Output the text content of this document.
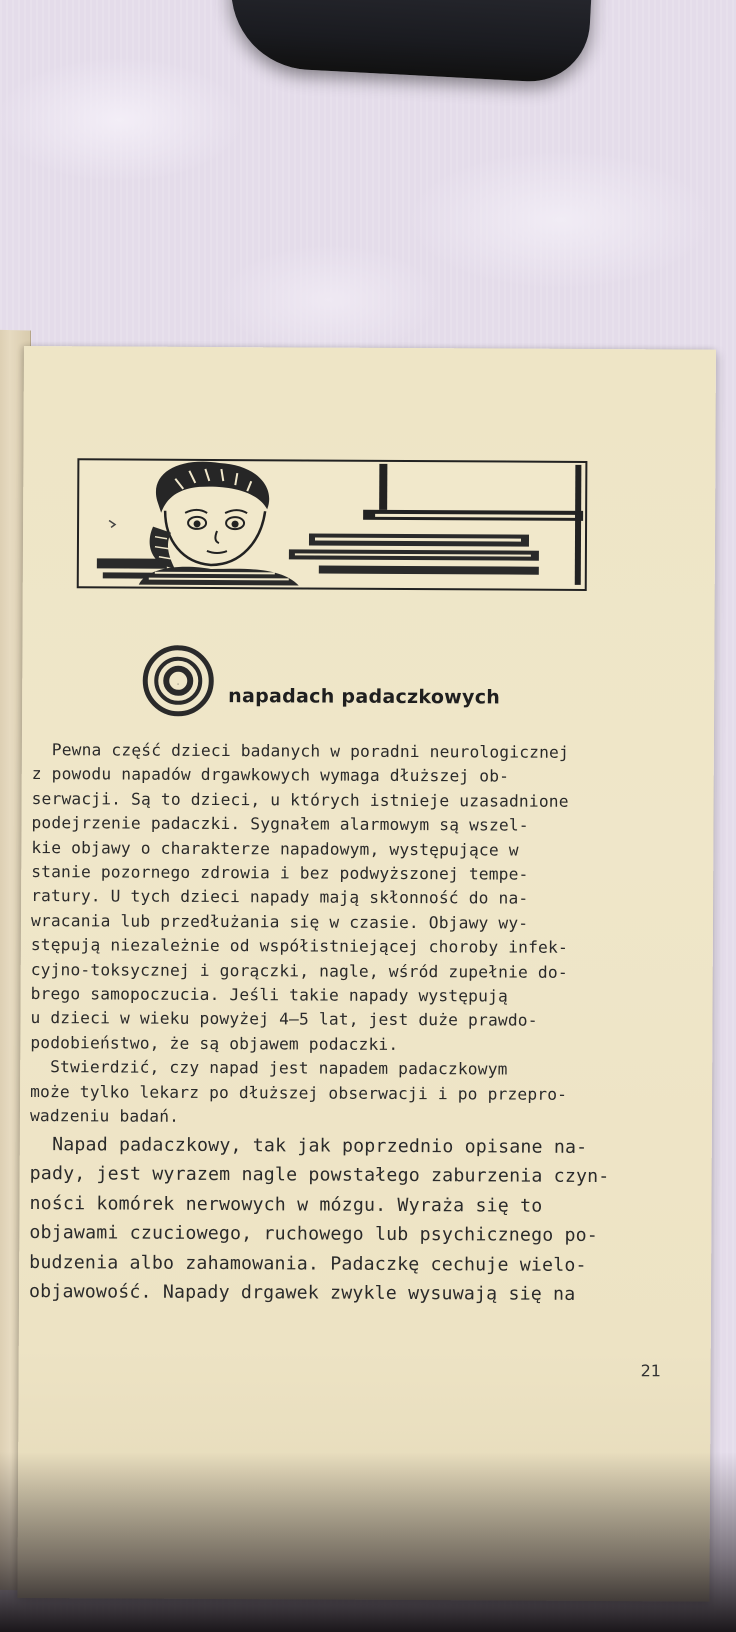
O
napadach padaczkowych

Pewna część dzieci badanych w poradni neurologicznej

z powodu napadów drgawkowych wymaga dłuższej ob-

serwacji. Są to dzieci, u których istnieje uzasadnione

podejrzenie padaczki. Sygnałem alarmowym są wszel-

kie objawy o charakterze napadowym, występujące w

stanie pozornego zdrowia i bez podwyższonej tempe-

ratury. U tych dzieci napady mają skłonność do na-

wracania lub przedłużania się w czasie. Objawy wy-

stępują niezależnie od współistniejącej choroby infek-

cyjno-toksycznej i gorączki, nagle, wśród zupełnie do-

brego samopoczucia. Jeśli takie napady występują

u dzieci w wieku powyżej 4—5 lat, jest duże prawdo-

podobieństwo, że są objawem podaczki.

Stwierdzić, czy napad jest napadem padaczkowym

może tylko lekarz po dłuższej obserwacji i po przepro-

wadzeniu badań.

Napad padaczkowy, tak jak poprzednio opisane na-

pady, jest wyrazem nagle powstałego zaburzenia czyn-

ności komórek nerwowych w mózgu. Wyraża się to

objawami czuciowego, ruchowego lub psychicznego po-

budzenia albo zahamowania. Padaczkę cechuje wielo-

objawowość. Napady drgawek zwykle wysuwają się na

21
